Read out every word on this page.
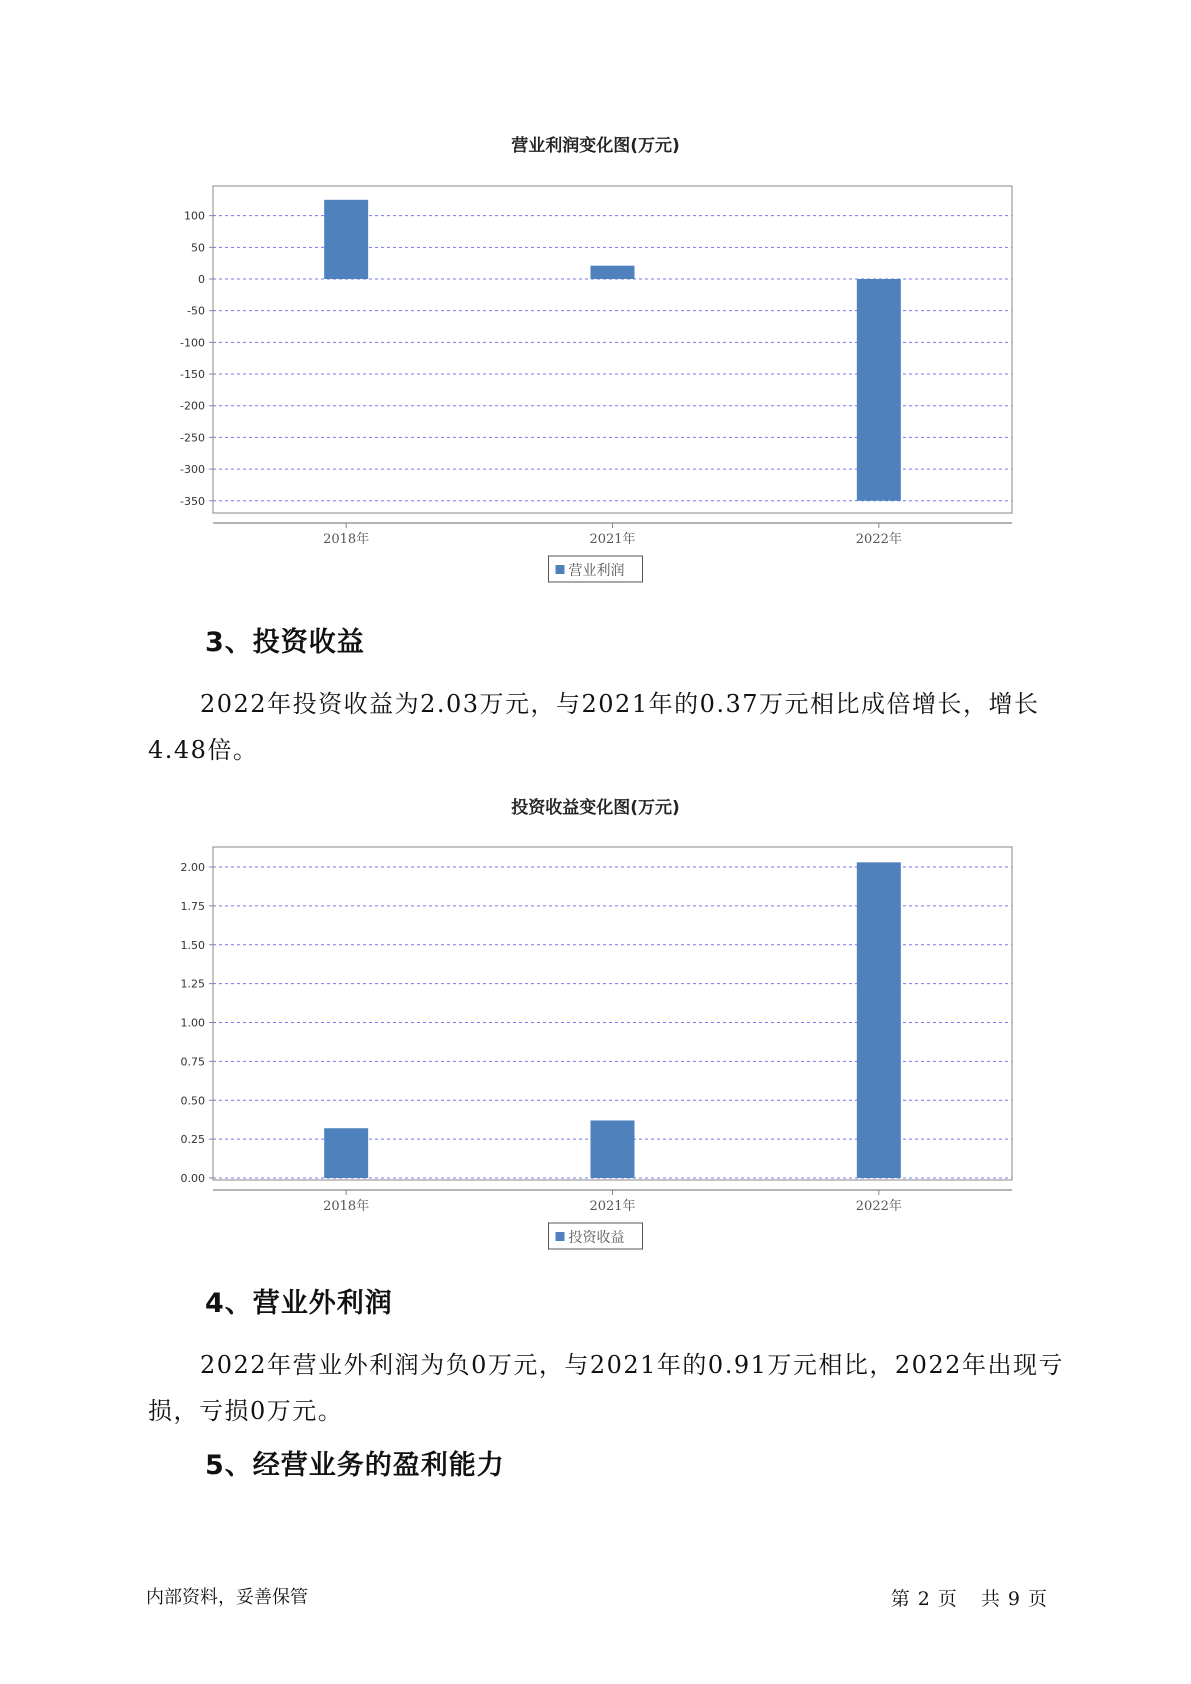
营业利润变化图(万元)
100
50
0
-50
-100
-150
-200
-250
-300
-350
2018年	2021年	2022年
营业利润
3、投资收益

2022年投资收益为2.03万元，与2021年的0.37万元相比成倍增长，增长4.48倍。

投资收益变化图(万元)
2.00
1.75
1.50
1.25
1.00
0.75
0.50
0.25
0.00
2018年	2021年	2022年
投资收益
4、营业外利润

2022年营业外利润为负0万元，与2021年的0.91万元相比，2022年出现亏损，亏损0万元。

5、经营业务的盈利能力
内部资料，妥善保管	第 2 页 共 9 页
